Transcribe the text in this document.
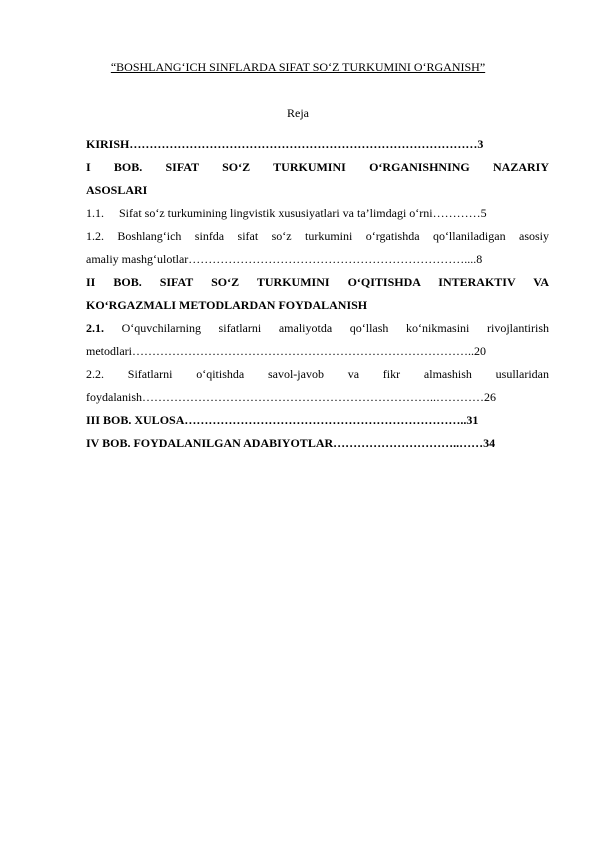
“BOSHLANG‘ICH SINFLARDA SIFAT SO‘Z TURKUMINI O‘RGANISH”
Reja
KIRISH……………………………………………………………………………3
I BOB. SIFAT SO‘Z TURKUMINI O‘RGANISHNING NAZARIY
ASOSLARI
1.1. Sifat so‘z turkumining lingvistik xususiyatlari va ta’limdagi o‘rni…………5
1.2. Boshlang‘ich sinfda sifat so‘z turkumini o‘rgatishda qo‘llaniladigan asosiy
amaliy mashg‘ulotlar……………………………………………………………....8
II BOB. SIFAT SO‘Z TURKUMINI O‘QITISHDA INTERAKTIV VA
KO‘RGAZMALI METODLARDAN FOYDALANISH
2.1. O‘quvchilarning sifatlarni amaliyotda qo‘llash ko‘nikmasini rivojlantirish
metodlari…………………………………………………………………………..20
2.2. Sifatlarni o‘qitishda savol-javob va fikr almashish usullaridan
foydalanish………………………………………………………………..…………26
III BOB. XULOSA……………………………………………………………..31
IV BOB. FOYDALANILGAN ADABIYOTLAR…………………………..……34
